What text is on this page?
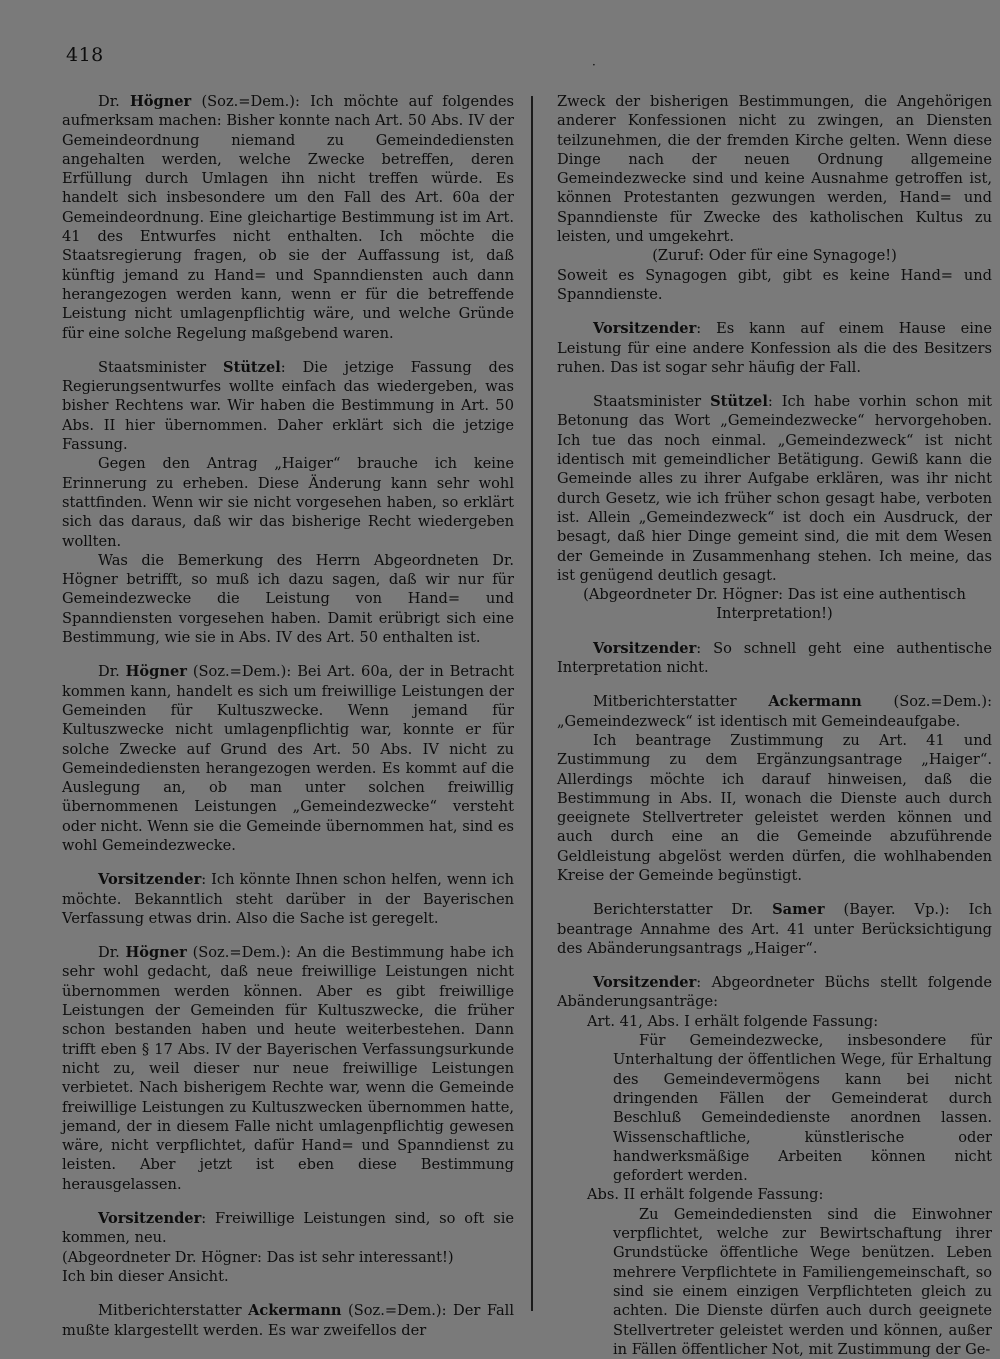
418	·

Dr. Högner (Soz.=Dem.): Ich möchte auf folgendes aufmerksam machen: Bisher konnte nach Art. 50 Abs. IV der Gemeindeordnung niemand zu Gemeindediensten angehalten werden, welche Zwecke betreffen, deren Erfüllung durch Umlagen ihn nicht treffen würde. Es handelt sich insbesondere um den Fall des Art. 60a der Gemeindeordnung. Eine gleichartige Bestimmung ist im Art. 41 des Entwurfes nicht enthalten. Ich möchte die Staatsregierung fragen, ob sie der Auffassung ist, daß künftig jemand zu Hand= und Spanndiensten auch dann herangezogen werden kann, wenn er für die betreffende Leistung nicht umlagenpflichtig wäre, und welche Gründe für eine solche Regelung maßgebend waren.

Staatsminister Stützel: Die jetzige Fassung des Regierungsentwurfes wollte einfach das wiedergeben, was bisher Rechtens war. Wir haben die Bestimmung in Art. 50 Abs. II hier übernommen. Daher erklärt sich die jetzige Fassung.

Gegen den Antrag „Haiger“ brauche ich keine Erinnerung zu erheben. Diese Änderung kann sehr wohl stattfinden. Wenn wir sie nicht vorgesehen haben, so erklärt sich das daraus, daß wir das bisherige Recht wiedergeben wollten.

Was die Bemerkung des Herrn Abgeordneten Dr. Högner betrifft, so muß ich dazu sagen, daß wir nur für Gemeindezwecke die Leistung von Hand= und Spanndiensten vorgesehen haben. Damit erübrigt sich eine Bestimmung, wie sie in Abs. IV des Art. 50 enthalten ist.

Dr. Högner (Soz.=Dem.): Bei Art. 60a, der in Betracht kommen kann, handelt es sich um freiwillige Leistungen der Gemeinden für Kultuszwecke. Wenn jemand für Kultuszwecke nicht umlagenpflichtig war, konnte er für solche Zwecke auf Grund des Art. 50 Abs. IV nicht zu Gemeindediensten herangezogen werden. Es kommt auf die Auslegung an, ob man unter solchen freiwillig übernommenen Leistungen „Gemeindezwecke“ versteht oder nicht. Wenn sie die Gemeinde übernommen hat, sind es wohl Gemeindezwecke.

Vorsitzender: Ich könnte Ihnen schon helfen, wenn ich möchte. Bekanntlich steht darüber in der Bayerischen Verfassung etwas drin. Also die Sache ist geregelt.

Dr. Högner (Soz.=Dem.): An die Bestimmung habe ich sehr wohl gedacht, daß neue freiwillige Leistungen nicht übernommen werden können. Aber es gibt freiwillige Leistungen der Gemeinden für Kultuszwecke, die früher schon bestanden haben und heute weiterbestehen. Dann trifft eben § 17 Abs. IV der Bayerischen Verfassungsurkunde nicht zu, weil dieser nur neue freiwillige Leistungen verbietet. Nach bisherigem Rechte war, wenn die Gemeinde freiwillige Leistungen zu Kultuszwecken übernommen hatte, jemand, der in diesem Falle nicht umlagenpflichtig gewesen wäre, nicht verpflichtet, dafür Hand= und Spanndienst zu leisten. Aber jetzt ist eben diese Bestimmung herausgelassen.

Vorsitzender: Freiwillige Leistungen sind, so oft sie kommen, neu.

(Abgeordneter Dr. Högner: Das ist sehr interessant!)

Ich bin dieser Ansicht.

Mitberichterstatter Ackermann (Soz.=Dem.): Der Fall mußte klargestellt werden. Es war zweifellos der

Zweck der bisherigen Bestimmungen, die Angehörigen anderer Konfessionen nicht zu zwingen, an Diensten teilzunehmen, die der fremden Kirche gelten. Wenn diese Dinge nach der neuen Ordnung allgemeine Gemeindezwecke sind und keine Ausnahme getroffen ist, können Protestanten gezwungen werden, Hand= und Spanndienste für Zwecke des katholischen Kultus zu leisten, und umgekehrt.

(Zuruf: Oder für eine Synagoge!)

Soweit es Synagogen gibt, gibt es keine Hand= und Spanndienste.

Vorsitzender: Es kann auf einem Hause eine Leistung für eine andere Konfession als die des Besitzers ruhen. Das ist sogar sehr häufig der Fall.

Staatsminister Stützel: Ich habe vorhin schon mit Betonung das Wort „Gemeindezwecke“ hervorgehoben. Ich tue das noch einmal. „Gemeindezweck“ ist nicht identisch mit gemeindlicher Betätigung. Gewiß kann die Gemeinde alles zu ihrer Aufgabe erklären, was ihr nicht durch Gesetz, wie ich früher schon gesagt habe, verboten ist. Allein „Gemeindezweck“ ist doch ein Ausdruck, der besagt, daß hier Dinge gemeint sind, die mit dem Wesen der Gemeinde in Zusammenhang stehen. Ich meine, das ist genügend deutlich gesagt.

(Abgeordneter Dr. Högner: Das ist eine authentisch Interpretation!)

Vorsitzender: So schnell geht eine authentische Interpretation nicht.

Mitberichterstatter Ackermann (Soz.=Dem.): „Gemeindezweck“ ist identisch mit Gemeindeaufgabe.

Ich beantrage Zustimmung zu Art. 41 und Zustimmung zu dem Ergänzungsantrage „Haiger“. Allerdings möchte ich darauf hinweisen, daß die Bestimmung in Abs. II, wonach die Dienste auch durch geeignete Stellvertreter geleistet werden können und auch durch eine an die Gemeinde abzuführende Geldleistung abgelöst werden dürfen, die wohlhabenden Kreise der Gemeinde begünstigt.

Berichterstatter Dr. Samer (Bayer. Vp.): Ich beantrage Annahme des Art. 41 unter Berücksichtigung des Abänderungsantrags „Haiger“.

Vorsitzender: Abgeordneter Büchs stellt folgende Abänderungsanträge:

Art. 41, Abs. I erhält folgende Fassung:

Für Gemeindezwecke, insbesondere für Unterhaltung der öffentlichen Wege, für Erhaltung des Gemeindevermögens kann bei nicht dringenden Fällen der Gemeinderat durch Beschluß Gemeindedienste anordnen lassen. Wissenschaftliche, künstlerische oder handwerksmäßige Arbeiten können nicht gefordert werden.

Abs. II erhält folgende Fassung:

Zu Gemeindediensten sind die Einwohner verpflichtet, welche zur Bewirtschaftung ihrer Grundstücke öffentliche Wege benützen. Leben mehrere Verpflichtete in Familiengemeinschaft, so sind sie einem einzigen Verpflichteten gleich zu achten. Die Dienste dürfen auch durch geeignete Stellvertreter geleistet werden und können, außer in Fällen öffentlicher Not, mit Zustimmung der Ge-
